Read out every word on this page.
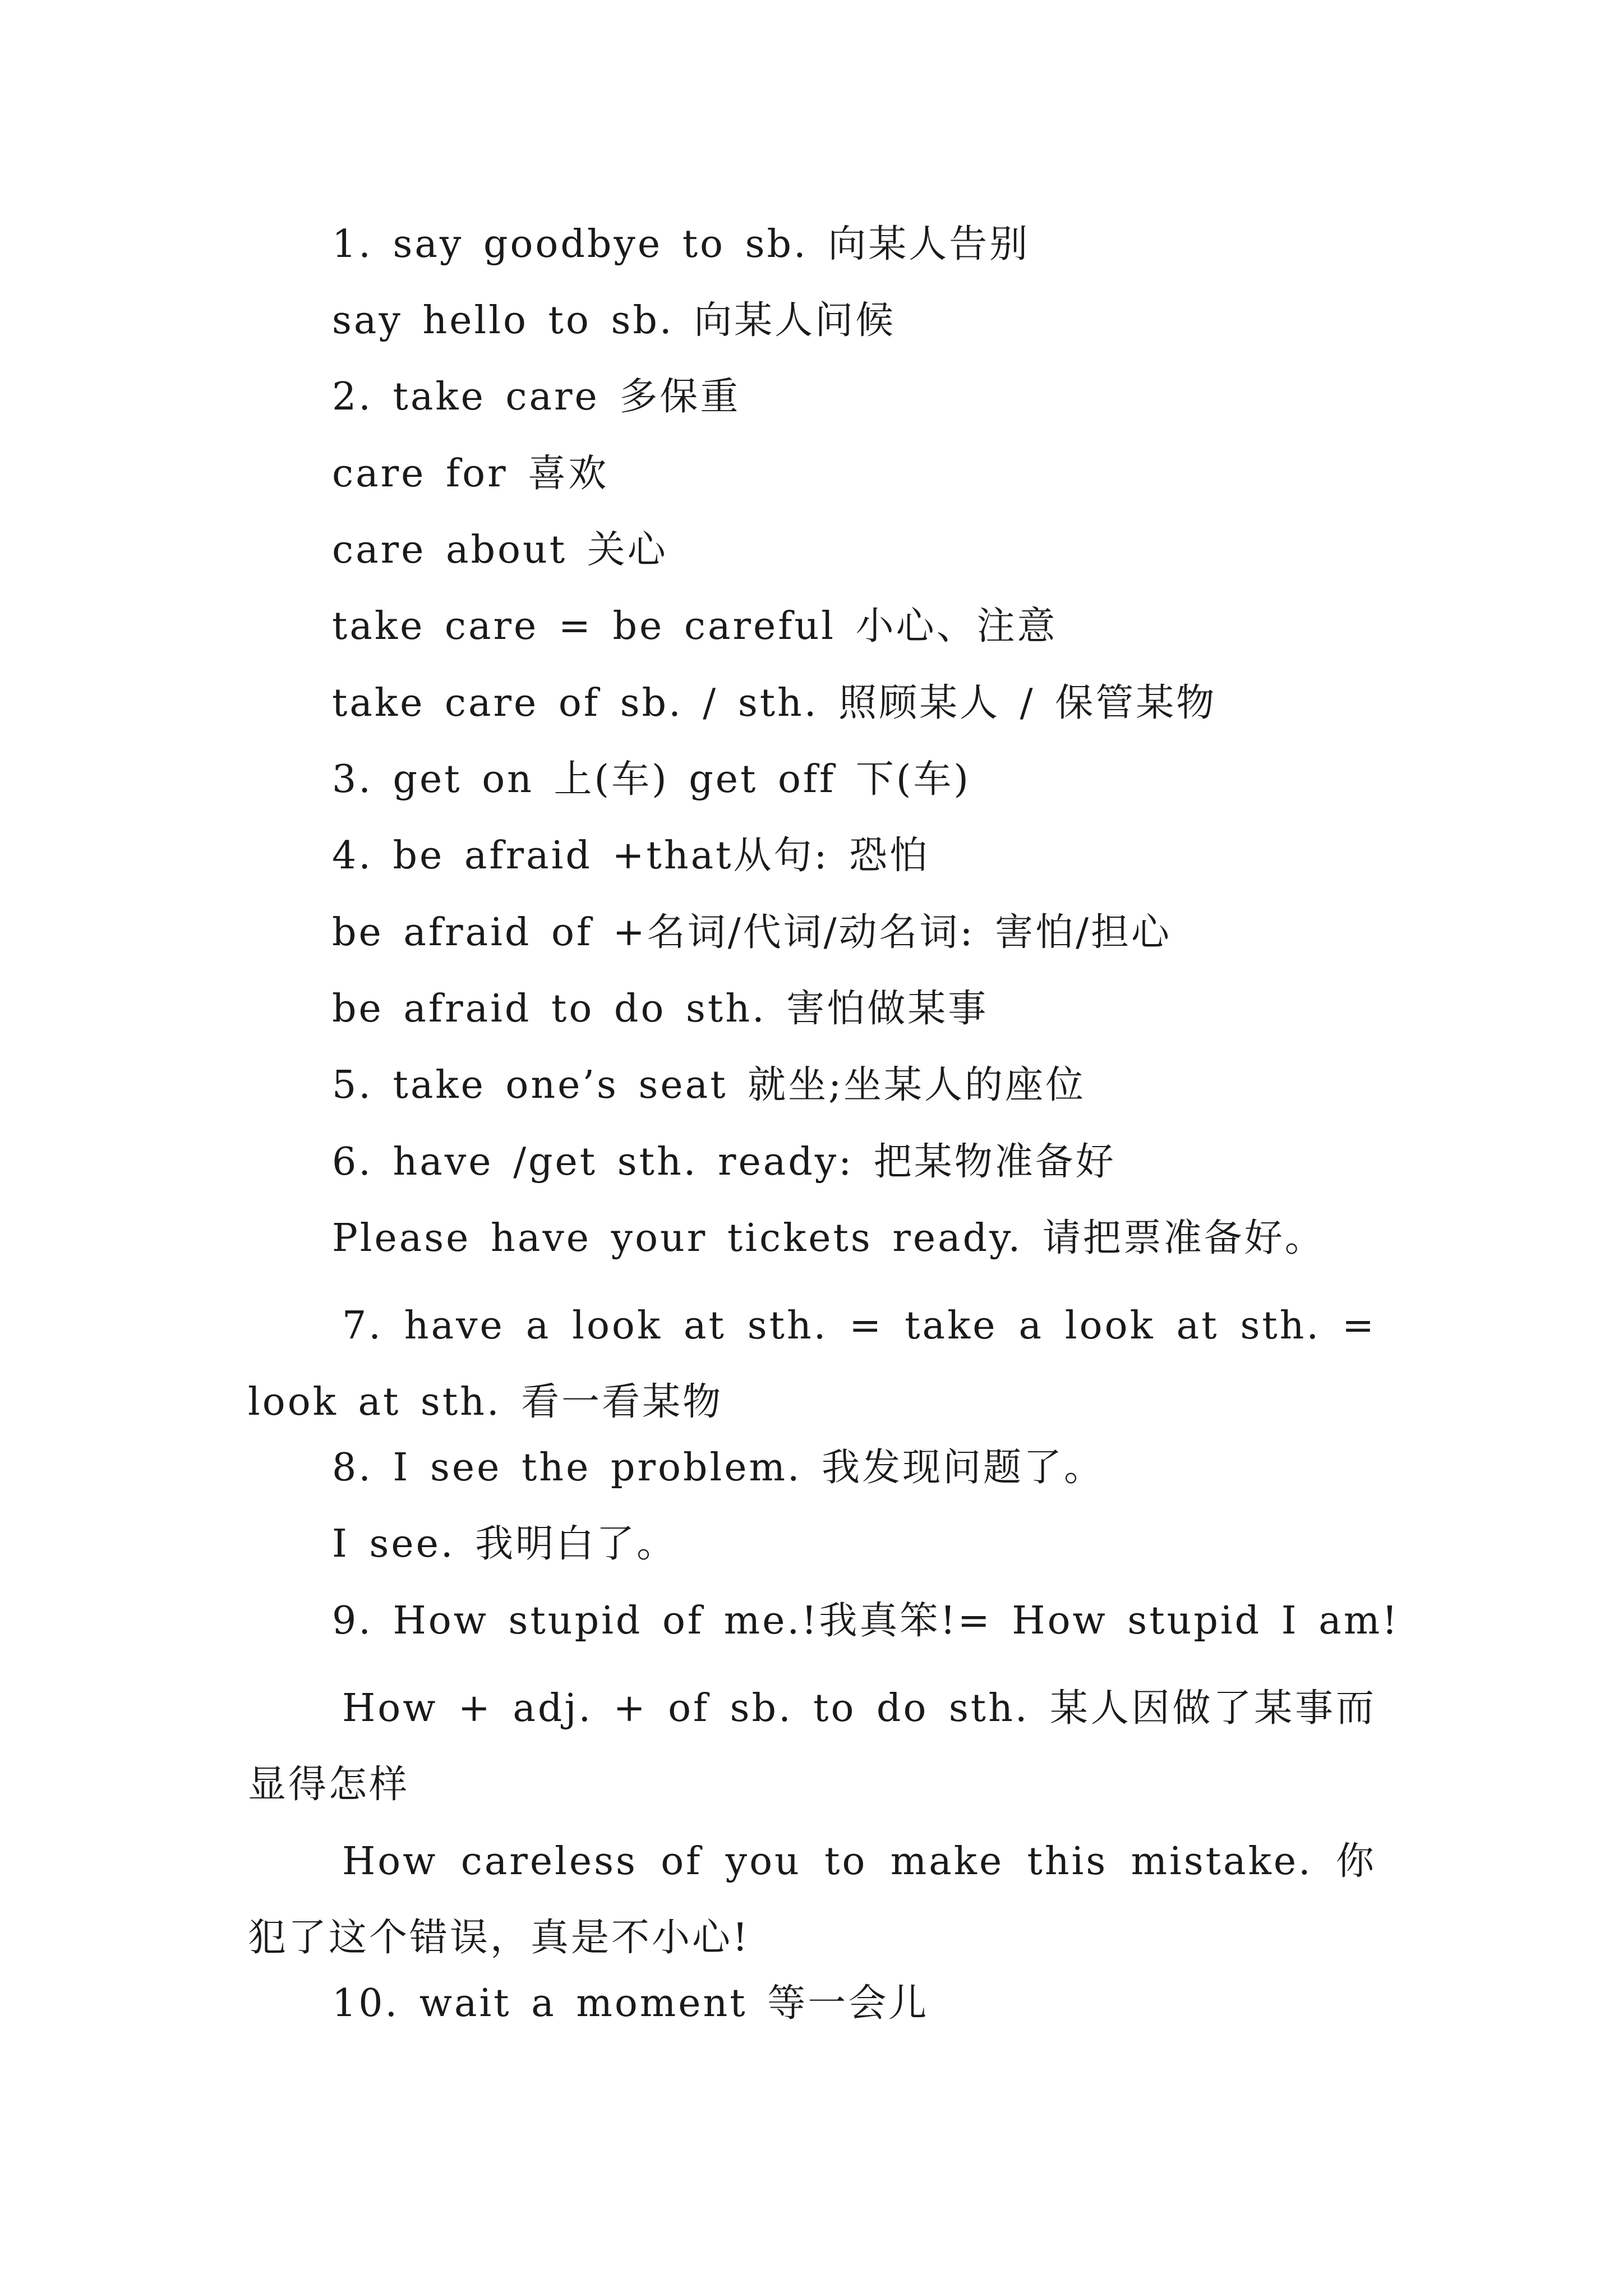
1. say goodbye to sb. 向某人告别
say hello to sb. 向某人问候
2. take care 多保重
care for 喜欢
care about 关心
take care = be careful 小心、注意
take care of sb. / sth. 照顾某人 / 保管某物
3. get on 上(车) get off 下(车)
4. be afraid +that从句: 恐怕
be afraid of +名词/代词/动名词: 害怕/担心
be afraid to do sth. 害怕做某事
5. take one’s seat 就坐;坐某人的座位
6. have /get sth. ready: 把某物准备好
Please have your tickets ready. 请把票准备好。
7. have a look at sth. = take a look at sth. = look at sth. 看一看某物
8. I see the problem. 我发现问题了。
I see. 我明白了。
9. How stupid of me.!我真笨!= How stupid I am!
How + adj. + of sb. to do sth. 某人因做了某事而显得怎样
How careless of you to make this mistake. 你犯了这个错误，真是不小心!
10. wait a moment 等一会儿
